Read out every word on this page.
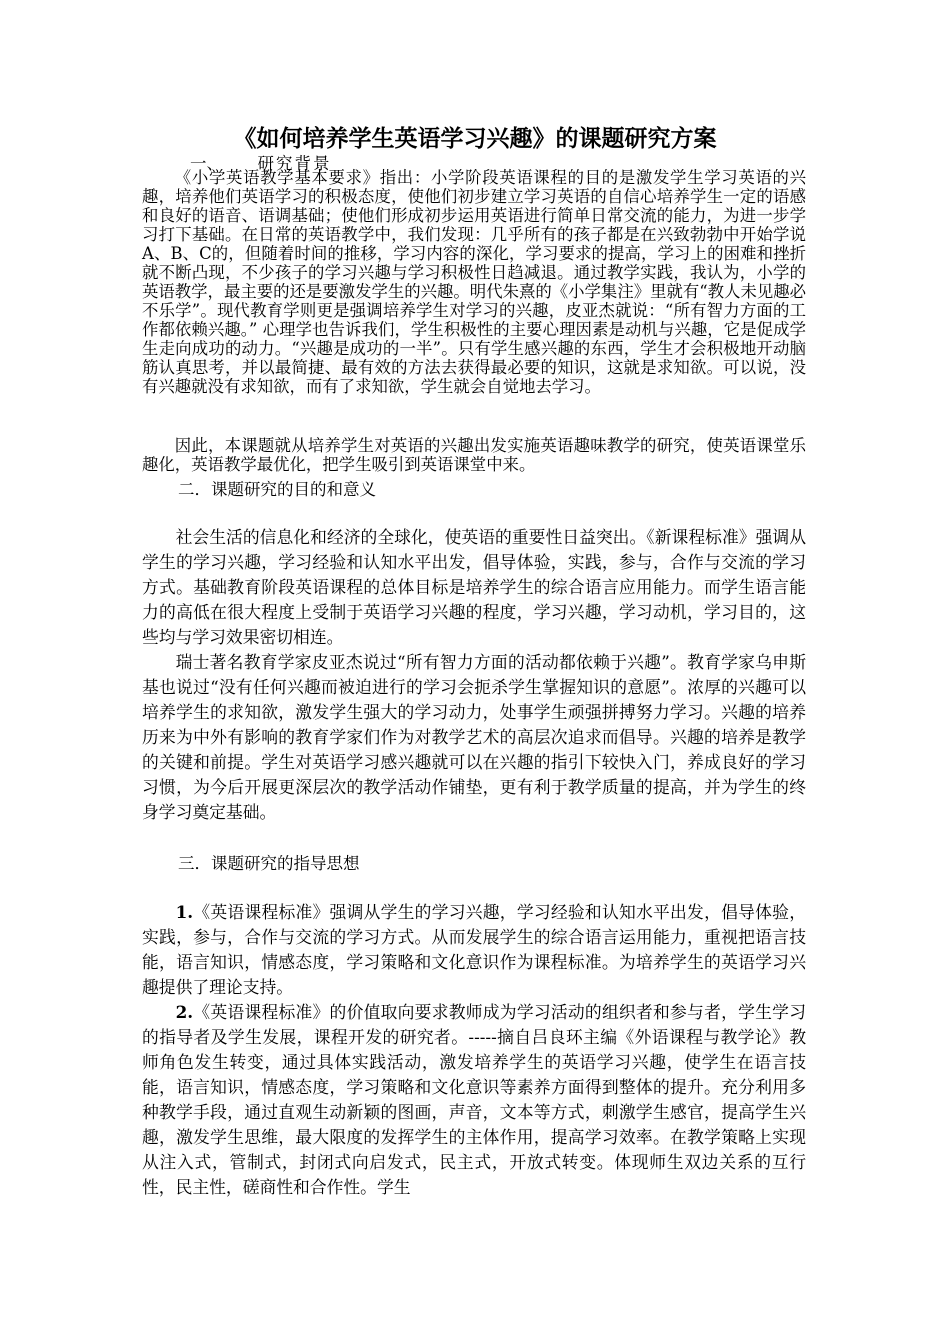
《如何培养学生英语学习兴趣》的课题研究方案
一、 研究背景

《小学英语教学基本要求》指出：小学阶段英语课程的目的是激发学生学习英语的兴趣，培养他们英语学习的积极态度，使他们初步建立学习英语的自信心培养学生一定的语感和良好的语音、语调基础；使他们形成初步运用英语进行简单日常交流的能力，为进一步学习打下基础。在日常的英语教学中，我们发现：几乎所有的孩子都是在兴致勃勃中开始学说A、B、C的，但随着时间的推移，学习内容的深化，学习要求的提高，学习上的困难和挫折就不断凸现，不少孩子的学习兴趣与学习积极性日趋减退。通过教学实践，我认为，小学的英语教学，最主要的还是要激发学生的兴趣。明代朱熹的《小学集注》里就有“教人未见趣必不乐学”。现代教育学则更是强调培养学生对学习的兴趣，皮亚杰就说：“所有智力方面的工作都依赖兴趣。” 心理学也告诉我们，学生积极性的主要心理因素是动机与兴趣，它是促成学生走向成功的动力。“兴趣是成功的一半”。只有学生感兴趣的东西，学生才会积极地开动脑筋认真思考，并以最简捷、最有效的方法去获得最必要的知识，这就是求知欲。可以说，没有兴趣就没有求知欲，而有了求知欲，学生就会自觉地去学习。

因此，本课题就从培养学生对英语的兴趣出发实施英语趣味教学的研究，使英语课堂乐趣化，英语教学最优化，把学生吸引到英语课堂中来。

二．课题研究的目的和意义

社会生活的信息化和经济的全球化，使英语的重要性日益突出。《新课程标准》强调从学生的学习兴趣，学习经验和认知水平出发，倡导体验，实践，参与，合作与交流的学习方式。基础教育阶段英语课程的总体目标是培养学生的综合语言应用能力。而学生语言能力的高低在很大程度上受制于英语学习兴趣的程度，学习兴趣，学习动机，学习目的，这些均与学习效果密切相连。

瑞士著名教育学家皮亚杰说过“所有智力方面的活动都依赖于兴趣”。教育学家乌申斯基也说过“没有任何兴趣而被迫进行的学习会扼杀学生掌握知识的意愿”。浓厚的兴趣可以培养学生的求知欲，激发学生强大的学习动力，处事学生顽强拼搏努力学习。兴趣的培养历来为中外有影响的教育学家们作为对教学艺术的高层次追求而倡导。兴趣的培养是教学的关键和前提。学生对英语学习感兴趣就可以在兴趣的指引下较快入门，养成良好的学习习惯，为今后开展更深层次的教学活动作铺垫，更有利于教学质量的提高，并为学生的终身学习奠定基础。

三．课题研究的指导思想

1.《英语课程标准》强调从学生的学习兴趣，学习经验和认知水平出发，倡导体验，实践，参与，合作与交流的学习方式。从而发展学生的综合语言运用能力，重视把语言技能，语言知识，情感态度，学习策略和文化意识作为课程标准。为培养学生的英语学习兴趣提供了理论支持。

2.《英语课程标准》的价值取向要求教师成为学习活动的组织者和参与者，学生学习的指导者及学生发展，课程开发的研究者。-----摘自吕良环主编《外语课程与教学论》教师角色发生转变，通过具体实践活动，激发培养学生的英语学习兴趣，使学生在语言技能，语言知识，情感态度，学习策略和文化意识等素养方面得到整体的提升。充分利用多种教学手段，通过直观生动新颖的图画，声音，文本等方式，刺激学生感官，提高学生兴趣，激发学生思维，最大限度的发挥学生的主体作用，提高学习效率。在教学策略上实现从注入式，管制式，封闭式向启发式，民主式，开放式转变。体现师生双边关系的互行性，民主性，磋商性和合作性。学生
